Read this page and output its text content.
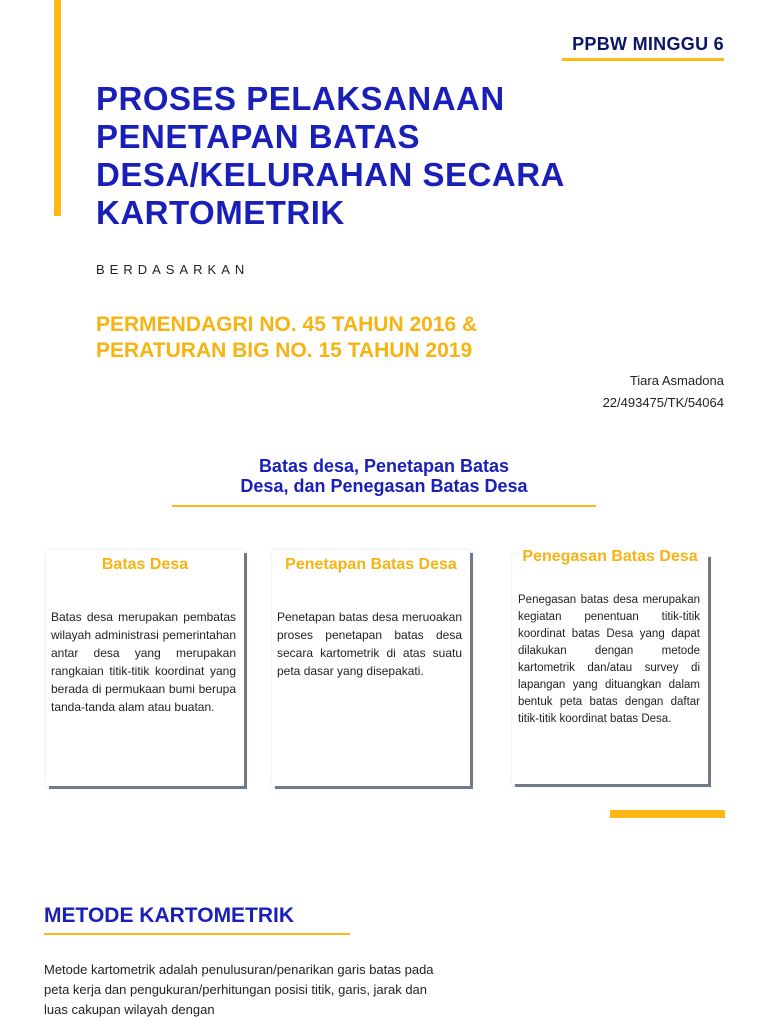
PPBW MINGGU 6
PROSES PELAKSANAAN PENETAPAN BATAS DESA/KELURAHAN SECARA KARTOMETRIK
BERDASARKAN
PERMENDAGRI NO. 45 TAHUN 2016 &
PERATURAN BIG NO. 15 TAHUN 2019
Tiara Asmadona
22/493475/TK/54064
Batas desa, Penetapan Batas
Desa, dan Penegasan Batas Desa
Batas Desa

Batas desa merupakan pembatas wilayah administrasi pemerintahan antar desa yang merupakan rangkaian titik-titik koordinat yang berada di permukaan bumi berupa tanda-tanda alam atau buatan.

Penetapan Batas Desa

Penetapan batas desa meruoakan proses penetapan batas desa secara kartometrik di atas suatu peta dasar yang disepakati.

Penegasan Batas Desa

Penegasan batas desa merupakan kegiatan penentuan titik-titik koordinat batas Desa yang dapat dilakukan dengan metode kartometrik dan/atau survey di lapangan yang dituangkan dalam bentuk peta batas dengan daftar titik-titik koordinat batas Desa.

METODE KARTOMETRIK

Metode kartometrik adalah penulusuran/penarikan garis batas pada peta kerja dan pengukuran/perhitungan posisi titik, garis, jarak dan luas cakupan wilayah dengan
